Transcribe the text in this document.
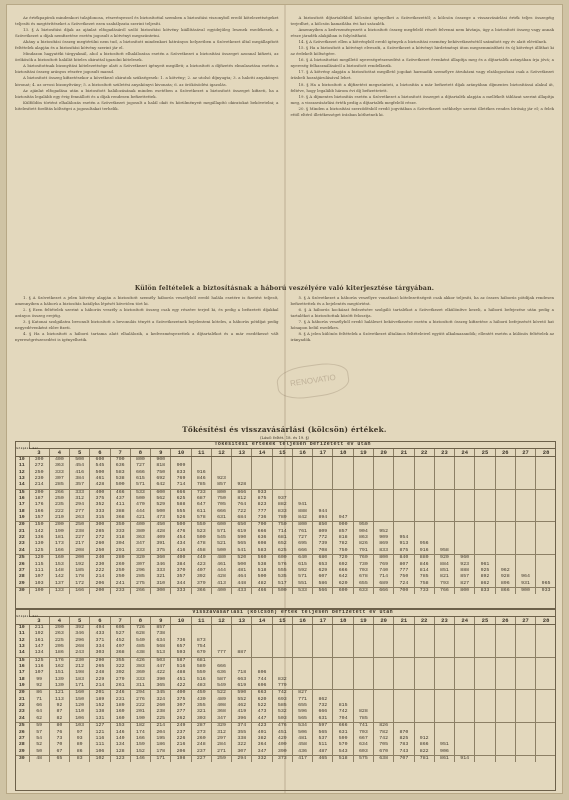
Az értékpapírok mindenkori tulajdonosa, részvényessel és biztosítottal szemben a biztosítási viszonyból eredő kötelezettségeket teljesíti és megtérítéseket a Szövetkezet ezen szabályzata szerint teljesíti.

13. § A biztosítási díjak az ajánlat elfogadásáról szóló biztosítási kötvény kiállításával egyidejűleg lesznek esedékesek, a Szövetkezet a díjak nemfizetése esetén jogosult a kötvényt megszüntetni.

Ahány a biztosítási összeg megtérülni nem tud, a biztosított mindenkori hátrányos helyzetben a Szövetkezet által megállapított feltételek alapján és a biztosítási kötvény szerint jár el.

Mindazon hagyatéki tárgyaknál, ahol a biztosított elhalálozása esetén a Szövetkezet a biztosítási összeget azonnal kifizeti, az örökösök a biztosított halálát hiteles okirattal igazolni kötelesek.

A biztosítottnak bizonyítási kötelezettsége alatt a Szövetkezet igényeit megilleti; a biztosított a díjfizetés elmulasztása esetén a biztosítási összeg arányos részére jogosult marad.

A biztosított összeg kifizetésekor a következő okiratok szükségesek: 1. a kötvény; 2. az utolsó díjnyugta; 3. a halotti anyakönyvi kivonat; 4. az orvosi bizonyítvány; 5. a biztosított születési anyakönyvi kivonata; 6. az örökösödési igazolás.

Az ajánlat elfogadása után a biztosított halálozásának minden esetében a Szövetkezet a biztosított összeget kifizeti, ha a biztosítás legalább egy évig fennállott és a díjak rendesen befizettettek.

Külföldön történt elhalálozás esetén a Szövetkezet jogosult a halál okát és körülményeit megállapító okiratokat bekövetelni; a hitelesített fordítás költségei a jogosultakat terhelik.

A biztosított díjtartalékból kölcsönt igényelhet a Szövetkezettől; a kölcsön összege a visszavásárlási érték teljes összegéig terjedhet, a kölcsön kamatlába évi hat százalék.

Amennyiben a kedvezményezett a biztosított összeg megfelelő részét felvenni nem kívánja, úgy a biztosított összeg vagy annak része járadék alakjában is folyósítható.

14. § A Szövetkezet ellen a kötvényből eredő igények a biztosítási esemény bekövetkezésétől számított egy év alatt elévülnek.

15. § Ha a biztosított a kötvényt elveszíti, a Szövetkezet a kötvényt hirdetményi úton megsemmisítheti és új kötvényt állíthat ki az érdekelt költségére.

16. § A biztosítottat megillető nyereségrészesedést a Szövetkezet évenként állapítja meg és a díjtartalék arányában írja jóvá; a nyereség felhasználásáról a biztosított rendelkezik.

17. § A kötvény alapján a biztosítottat megillető jogokat harmadik személyre átruházni vagy elzálogosítani csak a Szövetkezet írásbeli hozzájárulásával lehet.

18. § Ha a biztosított a díjfizetést megszünteti, a biztosítás a már befizetett díjak arányában díjmentes biztosítássá alakul át, feltéve, hogy legalább három évi díj befizettetett.

19. § A díjmentes biztosítás esetén a Szövetkezet a biztosított összeget a díjtartalék alapján a mellékelt táblázat szerint állapítja meg, a visszavásárlási érték pedig a díjtartalék megfelelő része.

20. § Minden a biztosítási szerződésből eredő jogvitában a Szövetkezet székhelye szerint illetékes rendes bíróság jár el; a felek ettől eltérő illetékességet írásban köthetnek ki.

Külön feltételek a biztosításnak a háború veszélyére való kiterjesztése tárgyában.

1. § A Szövetkezet a jelen kötvény alapján a biztosított személy háborús veszélyből eredő halála esetére is fizetést teljesít, amennyiben a háború a biztosítás hatályba lépését követően tört ki.

2. § Ezen feltételek szerint a háborús veszély a biztosított összeg csak egy részére terjed ki, és pedig a befizetett díjakkal arányos összeg erejéig.

3. § Katonai szolgálatra bevonult biztosított a bevonulás tényét a Szövetkezetnek bejelenteni köteles, a háborús pótdíjat pedig negyedévenként előre fizeti.

4. § Ha a biztosított a háború tartama alatt elhalálozik, a kedvezményezettek a díjtartalékot és a már esedékessé vált nyereségrészesedést is igényelhetik.

5. § A Szövetkezet a háborús veszélyre vonatkozó kötelezettségeit csak akkor teljesíti, ha az összes háborús pótdíjak rendesen befizettettek és a bejelentés megtörtént.

6. § A háborús kockázat fedezésére szolgáló tartalékot a Szövetkezet elkülönítve kezeli, a háború befejezése után pedig a tartalékot a biztosítottak között felosztja.

7. § A háborús veszélyből eredő haláleset bekövetkezése esetén a biztosított összeg kifizetése a háború befejezését követő hat hónapon belül esedékes.

8. § A jelen különös feltételek a Szövetkezet általános feltételeivel együtt alkalmazandók; ellentét esetén a különös feltételek az irányadók.

RENOVATIO
Tőkésítési és visszavásárlási (kölcsön) értékek.
(Lásd: feltét. 18. és 19. §)
Belépési kor	Tőkésítési értékek teljesen befizetett év után																									
	3	4	5	6	7	8	9	10	11	12	13	14	15	16	17	18	19	20	21	22	23	24	25	26	27	28
10	300	400	500	600	700	800	900																			
11	272	363	454	545	636	727	818	909																		
12	250	333	416	500	583	666	750	833	916																	
13	230	307	384	461	538	615	692	769	846	923																
14	214	285	357	428	500	571	642	714	785	857	928															
15	200	266	333	400	466	533	600	666	733	800	866	933														
16	187	250	312	375	437	500	562	625	687	750	812	875	937													
17	176	235	294	352	411	470	529	588	647	705	764	823	882	941												
18	166	222	277	333	388	444	500	555	611	666	722	777	833	888	944											
19	157	210	263	315	368	421	473	526	578	631	684	736	789	842	894	947										
20	150	200	250	300	350	400	450	500	550	600	650	700	750	800	850	900	950									
21	142	190	238	285	333	380	428	476	523	571	619	666	714	761	809	857	904	952								
22	136	181	227	272	318	363	409	454	500	545	590	636	681	727	772	818	863	909	954							
23	130	173	217	260	304	347	391	434	478	521	565	608	652	695	739	782	826	869	913	956						
24	125	166	208	250	291	333	375	416	458	500	541	583	625	666	708	750	791	833	875	916	958					
25	120	160	200	240	280	320	360	400	440	480	520	560	600	640	680	720	760	800	840	880	920	960				
26	115	153	192	230	269	307	346	384	423	461	500	538	576	615	653	692	730	769	807	846	884	923	961			
27	111	148	185	222	259	296	333	370	407	444	481	518	555	592	629	666	703	740	777	814	851	888	925	962		
28	107	142	178	214	250	285	321	357	392	428	464	500	535	571	607	642	678	714	750	785	821	857	892	928	964	
29	103	137	172	206	241	275	310	344	379	413	448	482	517	551	586	620	655	689	724	758	793	827	862	896	931	965
30	100	133	166	200	233	266	300	333	366	400	433	466	500	533	566	600	633	666	700	733	766	800	833	866	900	933
Belépési kor	Visszavásárlási (kölcsön) érték teljesen befizetett év után																									
	3	4	5	6	7	8	9	10	11	12	13	14	15	16	17	18	19	20	21	22	23	24	25	26	27	28
10	211	290	392	494	605	726	857																			
11	192	263	346	433	527	628	738																			
12	161	225	296	371	452	540	634	736	873																	
13	147	205	268	334	407	485	568	657	754																	
14	134	186	243	303	368	438	513	593	679	777	887															
15	125	176	230	290	355	426	503	587	681																	
16	116	162	212	265	322	383	447	516	589	666																
17	107	151	198	248	302	360	422	488	559	636	718	806														
18	99	139	183	229	279	333	390	451	516	587	663	744	832													
19	92	130	171	214	261	311	365	422	483	549	619	696	779													
20	86	121	160	201	246	294	345	400	459	522	590	663	742	827												
21	71	113	150	189	231	276	324	375	430	489	552	620	693	771	862											
22	66	92	120	152	189	222	260	307	355	408	462	522	585	655	732	815										
23	64	87	110	138	169	201	238	277	321	368	419	473	532	596	666	742	828									
24	62	82	106	131	160	190	225	262	303	347	396	447	503	565	631	704	785									
25	59	80	103	127	153	182	214	249	287	329	374	423	476	534	597	666	741	826								
26	57	76	97	121	146	174	204	237	273	312	355	401	451	506	565	631	703	782	870							
27	54	73	93	116	140	166	195	226	260	297	338	382	429	481	537	599	667	742	825	912						
28	52	70	89	111	134	159	186	216	248	284	322	364	409	458	511	570	634	705	783	866	951					
29	50	67	86	106	128	152	178	206	237	271	307	347	390	436	487	543	603	670	743	822	906					
30	48	65	83	102	123	146	171	198	227	259	294	332	373	417	465	518	575	638	707	781	861	914				
